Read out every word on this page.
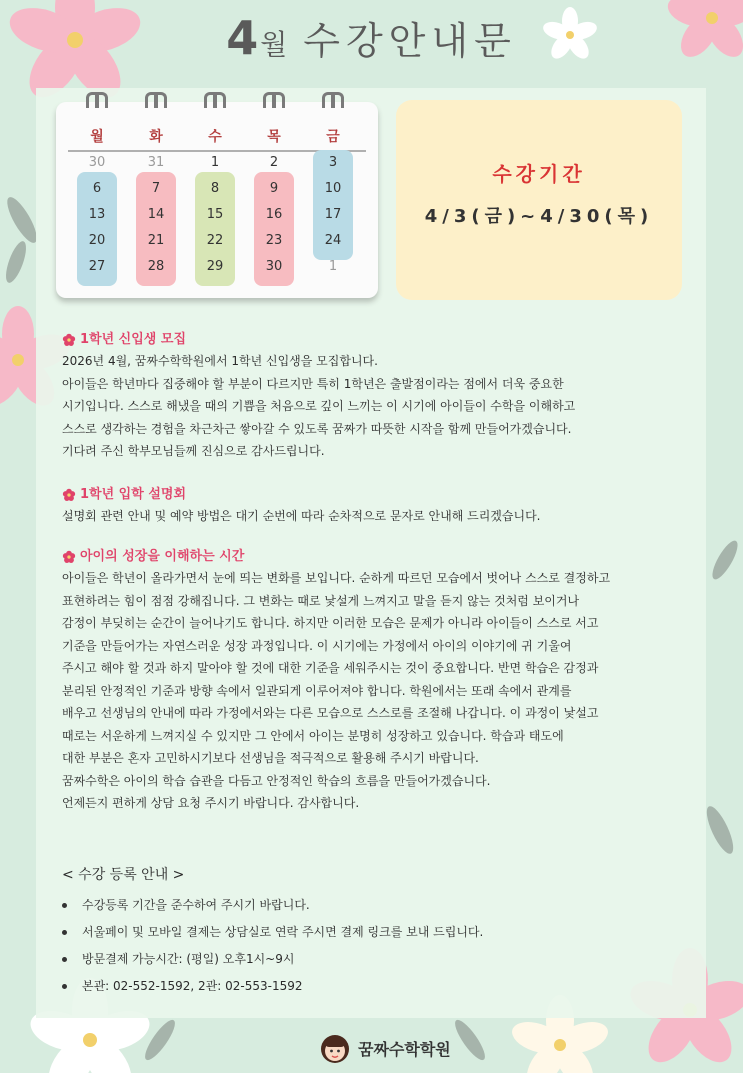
4월 수강안내문
월	화	수	목	금
30	31	1	2	3
6	7	8	9	10
13	14	15	16	17
20	21	22	23	24
27	28	29	30	1
수강기간
4/3(금)~4/30(목)
1학년 신입생 모집

2026년 4월, 꿈짜수학학원에서 1학년 신입생을 모집합니다.

아이들은 학년마다 집중해야 할 부분이 다르지만 특히 1학년은 출발점이라는 점에서 더욱 중요한

시기입니다. 스스로 해냈을 때의 기쁨을 처음으로 깊이 느끼는 이 시기에 아이들이 수학을 이해하고

스스로 생각하는 경험을 차근차근 쌓아갈 수 있도록 꿈짜가 따뜻한 시작을 함께 만들어가겠습니다.

기다려 주신 학부모님들께 진심으로 감사드립니다.

1학년 입학 설명회

설명회 관련 안내 및 예약 방법은 대기 순번에 따라 순차적으로 문자로 안내해 드리겠습니다.

아이의 성장을 이해하는 시간

아이들은 학년이 올라가면서 눈에 띄는 변화를 보입니다. 순하게 따르던 모습에서 벗어나 스스로 결정하고

표현하려는 힘이 점점 강해집니다. 그 변화는 때로 낯설게 느껴지고 말을 듣지 않는 것처럼 보이거나

감정이 부딪히는 순간이 늘어나기도 합니다. 하지만 이러한 모습은 문제가 아니라 아이들이 스스로 서고

기준을 만들어가는 자연스러운 성장 과정입니다. 이 시기에는 가정에서 아이의 이야기에 귀 기울여

주시고 해야 할 것과 하지 말아야 할 것에 대한 기준을 세워주시는 것이 중요합니다. 반면 학습은 감정과

분리된 안정적인 기준과 방향 속에서 일관되게 이루어져야 합니다. 학원에서는 또래 속에서 관계를

배우고 선생님의 안내에 따라 가정에서와는 다른 모습으로 스스로를 조절해 나갑니다. 이 과정이 낯설고

때로는 서운하게 느껴지실 수 있지만 그 안에서 아이는 분명히 성장하고 있습니다. 학습과 태도에

대한 부분은 혼자 고민하시기보다 선생님을 적극적으로 활용해 주시기 바랍니다.

꿈짜수학은 아이의 학습 습관을 다듬고 안정적인 학습의 흐름을 만들어가겠습니다.

언제든지 편하게 상담 요청 주시기 바랍니다. 감사합니다.

< 수강 등록 안내 >
수강등록 기간을 준수하여 주시기 바랍니다.
서울페이 및 모바일 결제는 상담실로 연락 주시면 결제 링크를 보내 드립니다.
방문결제 가능시간: (평일) 오후1시~9시
본관: 02-552-1592, 2관: 02-553-1592
꿈짜수학학원
